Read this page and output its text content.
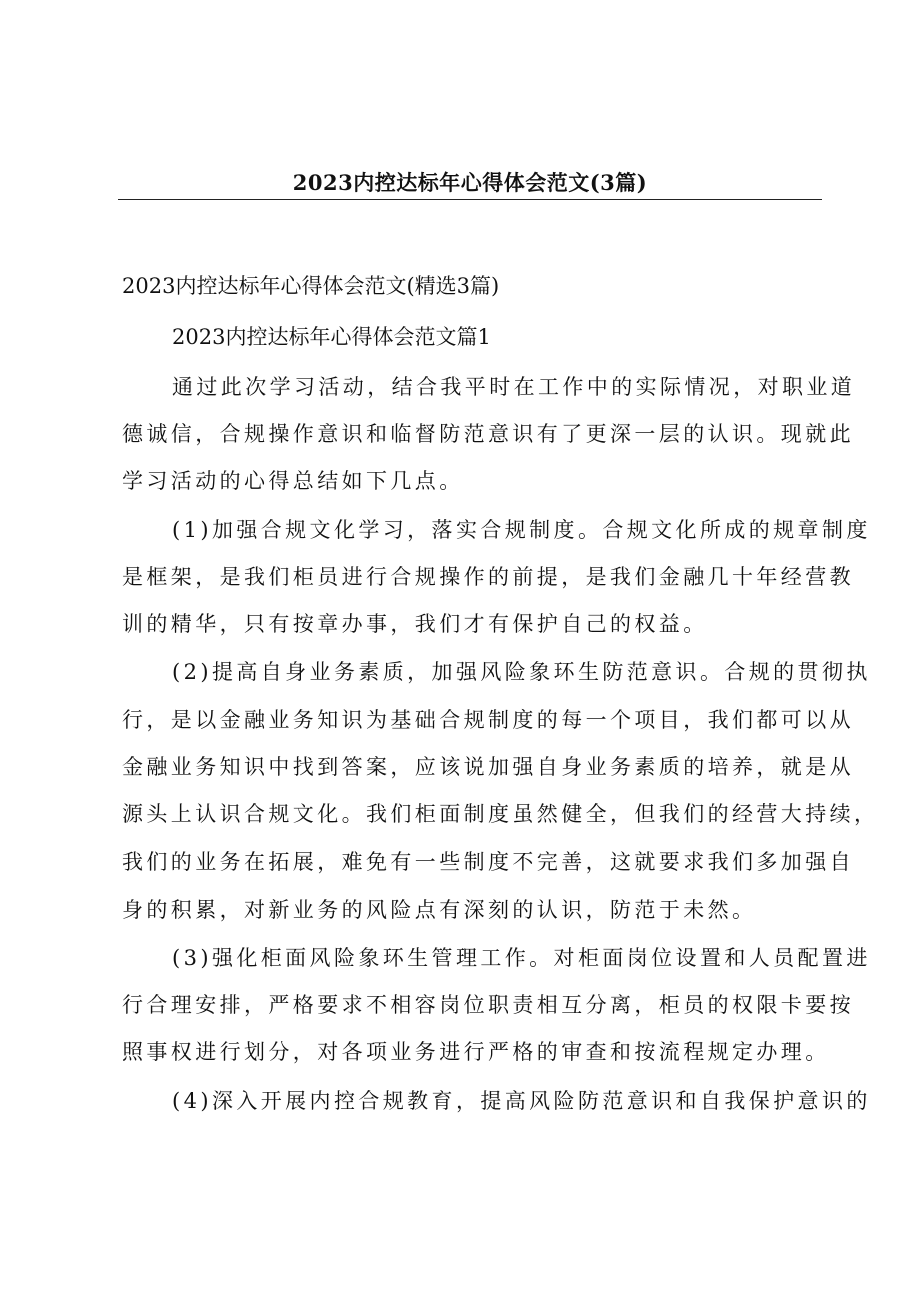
2023内控达标年心得体会范文(3篇)

2023内控达标年心得体会范文(精选3篇)

2023内控达标年心得体会范文篇1

通过此次学习活动，结合我平时在工作中的实际情况，对职业道

德诚信，合规操作意识和临督防范意识有了更深一层的认识。现就此

学习活动的心得总结如下几点。

(1)加强合规文化学习，落实合规制度。合规文化所成的规章制度

是框架，是我们柜员进行合规操作的前提，是我们金融几十年经营教

训的精华，只有按章办事，我们才有保护自己的权益。

(2)提高自身业务素质，加强风险象环生防范意识。合规的贯彻执

行，是以金融业务知识为基础合规制度的每一个项目，我们都可以从

金融业务知识中找到答案，应该说加强自身业务素质的培养，就是从

源头上认识合规文化。我们柜面制度虽然健全，但我们的经营大持续，

我们的业务在拓展，难免有一些制度不完善，这就要求我们多加强自

身的积累，对新业务的风险点有深刻的认识，防范于未然。

(3)强化柜面风险象环生管理工作。对柜面岗位设置和人员配置进

行合理安排，严格要求不相容岗位职责相互分离，柜员的权限卡要按

照事权进行划分，对各项业务进行严格的审查和按流程规定办理。

(4)深入开展内控合规教育，提高风险防范意识和自我保护意识的
